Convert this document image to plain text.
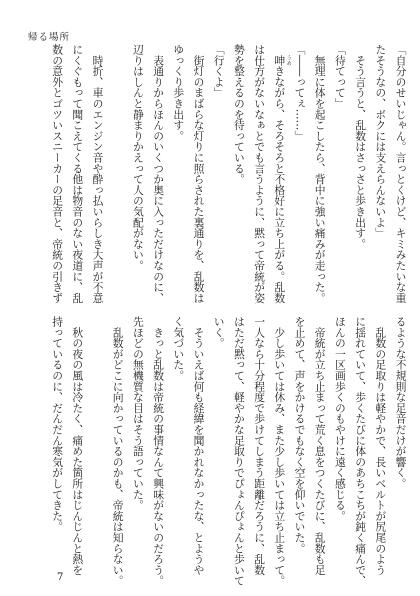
帰る場所
「自分のせいじゃん。言っとくけど、キミみたいな重
たそうなの、ボクには支えらんないよ」
　そう言うと、乱数はさっさと歩き出す。
「待てって」
　無理に体を起こしたら、背中に強い痛みが走った。
「――ってぇ……」
　呻 うめきながら、そろそろと不格好に立ち上がる。乱数
は仕方がないなぁとでも言うように、黙って帝統が姿
勢を整えるのを待っている。
「行くよ」
　街灯のまばらな灯りに照らされた裏通りを、乱数は
ゆっくり歩き出す。
　表通りからほんのいくつか奥に入っただけなのに、
辺りはしんと静まりかえって人の気配がない。
　時折、車のエンジン音や酔っ払いらしき大声が不意
にくぐもって聞こえてくる他は物音のない夜道に、乱
数の意外とゴツいスニーカーの足音と、帝統の引きず
るような不規則な足音だけが響く。
　乱数の足取りは軽やかで、長いベルトが尻尾のよう
に揺れていて、歩くたびに体のあちこちが鈍く痛んで、
ほんの一区画歩くのもやけに遠く感じる。
　帝統が立ち止まって荒く息をつくたびに、乱数も足
を止めて、声をかけるでもなく空を仰いでいた。
　少し歩いては休み、また少し歩いては立ち止まって。
一人なら十分程度で歩けてしまう距離だろうに、乱数
はただ黙って、軽やかな足取りでぴょんぴょんと歩いて
いく。
　そういえば何も経緯を聞かれなかったな、とようや
く気づいた。
　きっと乱数は帝統の事情なんて興味がないのだろう。
先ほどの無機質な目はそう語っていた。
　乱数がどこに向かっているのかも、帝統は知らない。
　秋の夜の風は冷たく、痛めた箇所はじんじんと熱を
持っているのに、だんだん寒気がしてきた。
7
